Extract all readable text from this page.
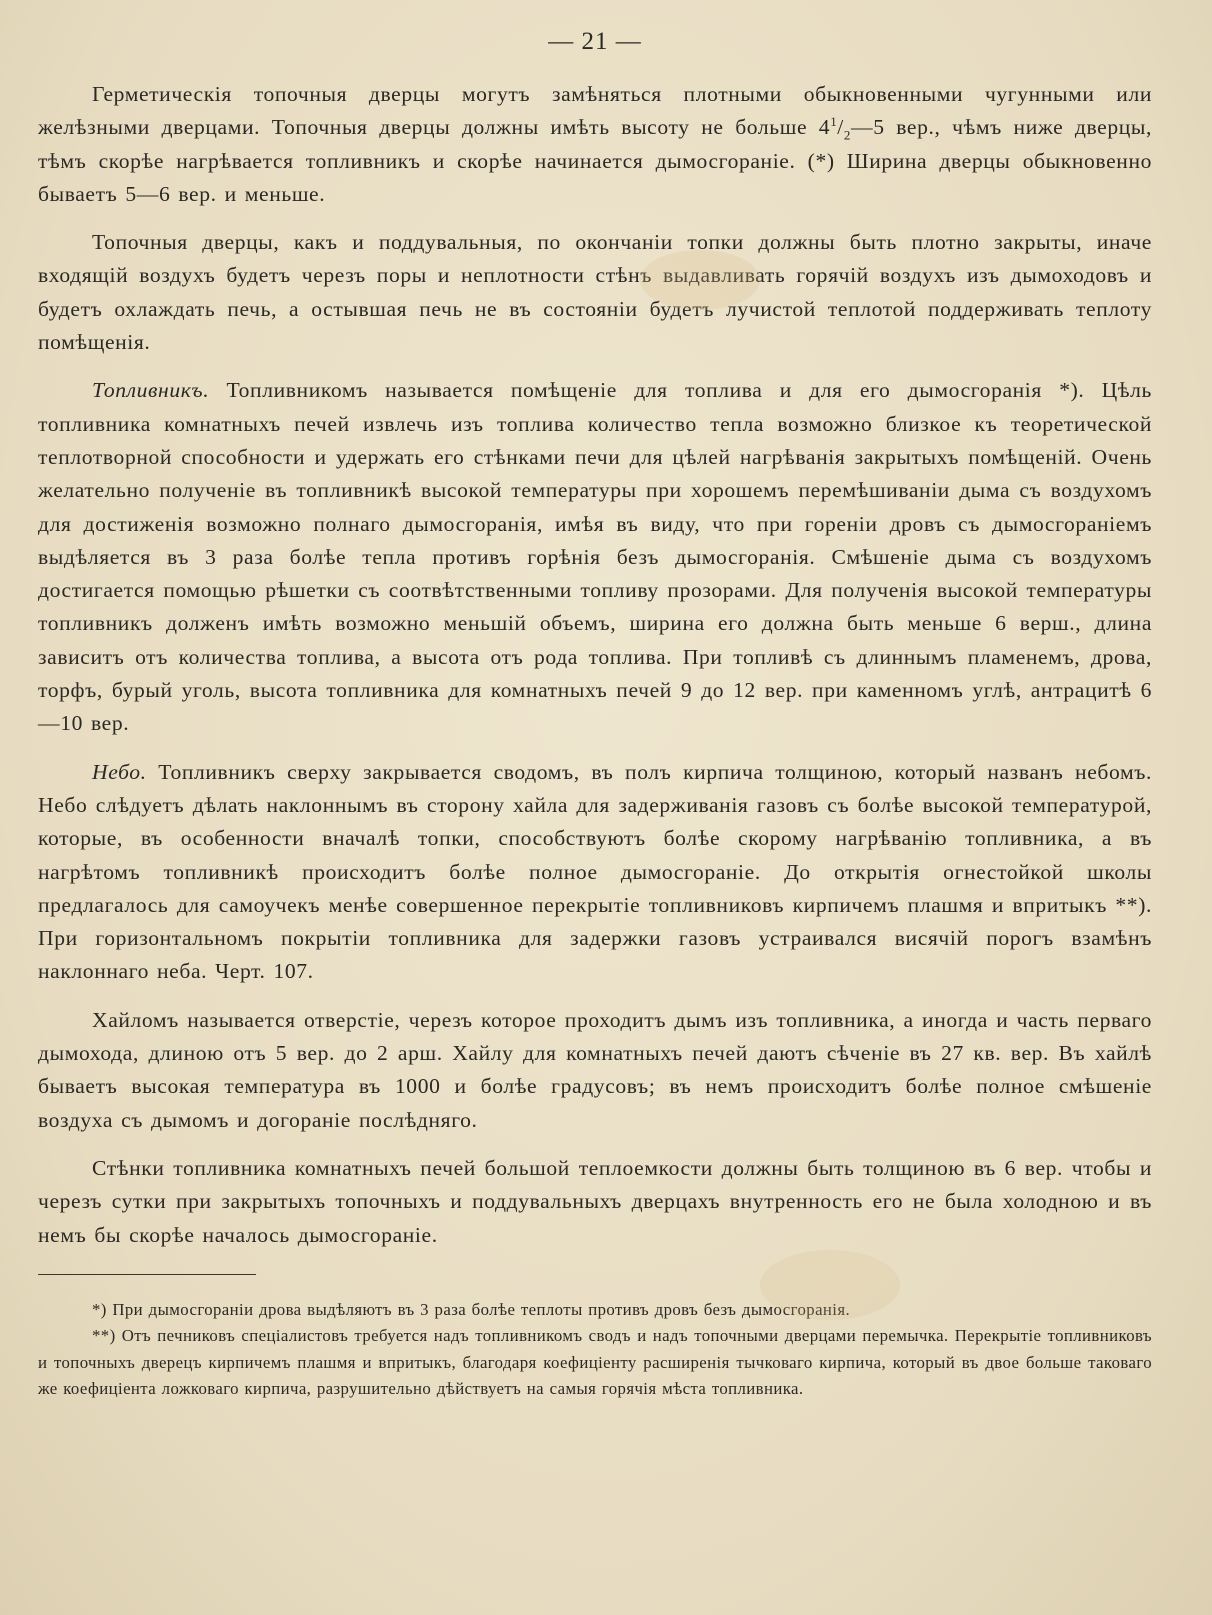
— 21 —

Герметическія топочныя дверцы могутъ замѣняться плотными обыкновенными чугунными или желѣзными дверцами. Топочныя дверцы должны имѣть высоту не больше $4^1/_2—5$ вер., чѣмъ ниже дверцы, тѣмъ скорѣе нагрѣвается топливникъ и скорѣе начинается дымосгораніе. (*) Ширина дверцы обыкновенно бываетъ 5—6 вер. и меньше.

Топочныя дверцы, какъ и поддувальныя, по окончаніи топки должны быть плотно закрыты, иначе входящій воздухъ будетъ черезъ поры и неплотности стѣнъ выдавливать горячій воздухъ изъ дымоходовъ и будетъ охлаждать печь, а остывшая печь не въ состояніи будетъ лучистой теплотой поддерживать теплоту помѣщенія.

Топливникъ. Топливникомъ называется помѣщеніе для топлива и для его дымосгоранія *). Цѣль топливника комнатныхъ печей извлечь изъ топлива количество тепла возможно близкое къ теоретической теплотворной способности и удержать его стѣнками печи для цѣлей нагрѣванія закрытыхъ помѣщеній. Очень желательно полученіе въ топливникѣ высокой температуры при хорошемъ перемѣшиваніи дыма съ воздухомъ для достиженія возможно полнаго дымосгоранія, имѣя въ виду, что при гореніи дровъ съ дымосгораніемъ выдѣляется въ 3 раза болѣе тепла противъ горѣнія безъ дымосгоранія. Смѣшеніе дыма съ воздухомъ достигается помощью рѣшетки съ соотвѣтственными топливу прозорами. Для полученія высокой температуры топливникъ долженъ имѣть возможно меньшій объемъ, ширина его должна быть меньше 6 верш., длина зависитъ отъ количества топлива, а высота отъ рода топлива. При топливѣ съ длиннымъ пламенемъ, дрова, торфъ, бурый уголь, высота топливника для комнатныхъ печей 9 до 12 вер. при каменномъ углѣ, антрацитѣ 6—10 вер.

Небо. Топливникъ сверху закрывается сводомъ, въ полъ кирпича толщиною, который названъ небомъ. Небо слѣдуетъ дѣлать наклоннымъ въ сторону хайла для задерживанія газовъ съ болѣе высокой температурой, которые, въ особенности вначалѣ топки, способствуютъ болѣе скорому нагрѣванію топливника, а въ нагрѣтомъ топливникѣ происходитъ болѣе полное дымосгораніе. До открытія огнестойкой школы предлагалось для самоучекъ менѣе совершенное перекрытіе топливниковъ кирпичемъ плашмя и впритыкъ **). При горизонтальномъ покрытіи топливника для задержки газовъ устраивался висячій порогъ взамѣнъ наклоннаго неба. Черт. 107.

Хайломъ называется отверстіе, черезъ которое проходитъ дымъ изъ топливника, а иногда и часть перваго дымохода, длиною отъ 5 вер. до 2 арш. Хайлу для комнатныхъ печей даютъ сѣченіе въ 27 кв. вер. Въ хайлѣ бываетъ высокая температура въ 1000 и болѣе градусовъ; въ немъ происходитъ болѣе полное смѣшеніе воздуха съ дымомъ и догораніе послѣдняго.

Стѣнки топливника комнатныхъ печей большой теплоемкости должны быть толщиною въ 6 вер. чтобы и черезъ сутки при закрытыхъ топочныхъ и поддувальныхъ дверцахъ внутренность его не была холодною и въ немъ бы скорѣе началось дымосгораніе.

*) При дымосгораніи дрова выдѣляютъ въ 3 раза болѣе теплоты противъ дровъ безъ дымосгоранія.

**) Отъ печниковъ спеціалистовъ требуется надъ топливникомъ сводъ и надъ топочными дверцами перемычка. Перекрытіе топливниковъ и топочныхъ дверецъ кирпичемъ плашмя и впритыкъ, благодаря коефиціенту расширенія тычковаго кирпича, который въ двое больше таковаго же коефиціента ложковаго кирпича, разрушительно дѣйствуетъ на самыя горячія мѣста топливника.
